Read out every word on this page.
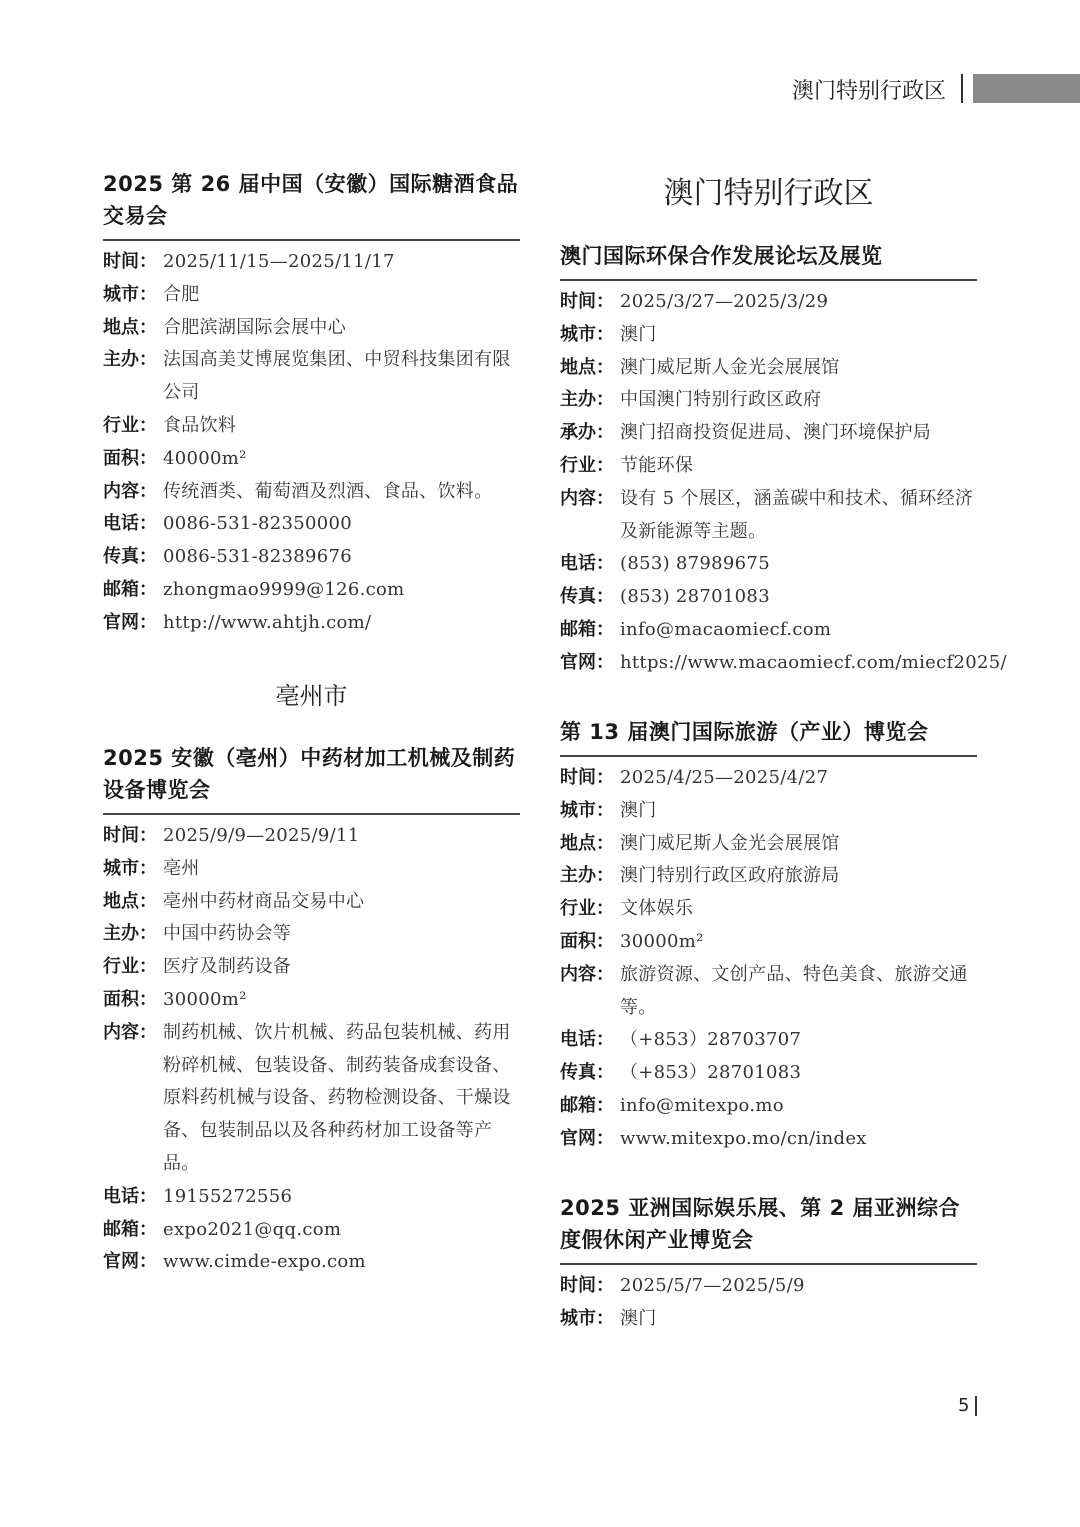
澳门特别行政区
2025 第 26 届中国（安徽）国际糖酒食品交易会
时间： 2025/11/15—2025/11/17
城市： 合肥
地点： 合肥滨湖国际会展中心
主办： 法国高美艾博展览集团、中贸科技集团有限公司
行业： 食品饮料
面积： 40000m²
内容： 传统酒类、葡萄酒及烈酒、食品、饮料。
电话： 0086-531-82350000
传真： 0086-531-82389676
邮箱： zhongmao9999@126.com
官网： http://www.ahtjh.com/
亳州市
2025 安徽（亳州）中药材加工机械及制药设备博览会
时间： 2025/9/9—2025/9/11
城市： 亳州
地点： 亳州中药材商品交易中心
主办： 中国中药协会等
行业： 医疗及制药设备
面积： 30000m²
内容： 制药机械、饮片机械、药品包装机械、药用粉碎机械、包装设备、制药装备成套设备、原料药机械与设备、药物检测设备、干燥设备、包装制品以及各种药材加工设备等产品。
电话： 19155272556
邮箱： expo2021@qq.com
官网： www.cimde-expo.com
澳门特别行政区
澳门国际环保合作发展论坛及展览
时间： 2025/3/27—2025/3/29
城市： 澳门
地点： 澳门威尼斯人金光会展展馆
主办： 中国澳门特别行政区政府
承办： 澳门招商投资促进局、澳门环境保护局
行业： 节能环保
内容： 设有 5 个展区，涵盖碳中和技术、循环经济及新能源等主题。
电话： (853) 87989675
传真： (853) 28701083
邮箱： info@macaomiecf.com
官网： https://www.macaomiecf.com/miecf2025/
第 13 届澳门国际旅游（产业）博览会
时间： 2025/4/25—2025/4/27
城市： 澳门
地点： 澳门威尼斯人金光会展展馆
主办： 澳门特别行政区政府旅游局
行业： 文体娱乐
面积： 30000m²
内容： 旅游资源、文创产品、特色美食、旅游交通等。
电话： （+853）28703707
传真： （+853）28701083
邮箱： info@mitexpo.mo
官网： www.mitexpo.mo/cn/index
2025 亚洲国际娱乐展、第 2 届亚洲综合度假休闲产业博览会
时间： 2025/5/7—2025/5/9
城市： 澳门
5
